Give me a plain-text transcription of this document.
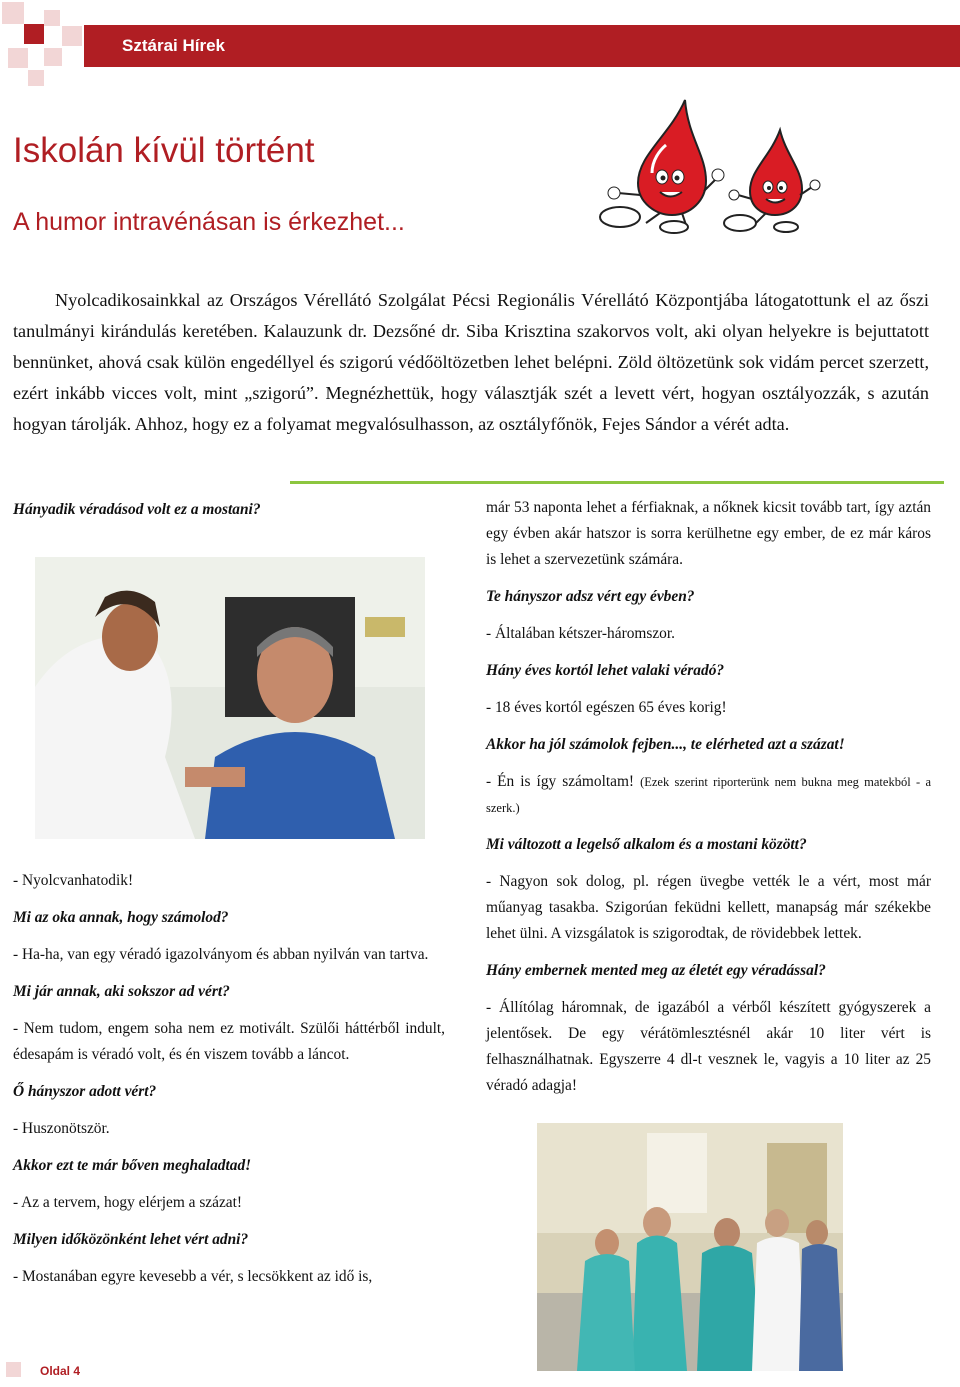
Sztárai Hírek
Iskolán kívül történt
A humor intravénásan is érkezhet...

Nyolcadikosainkkal az Országos Vérellátó Szolgálat Pécsi Regionális Vérellátó Központjába látogatottunk el az őszi tanulmányi kirándulás keretében. Kalauzunk dr. Dezsőné dr. Siba Krisztina szakorvos volt, aki olyan helyekre is bejuttatott bennünket, ahová csak külön engedéllyel és szigorú védőöltözetben lehet belépni. Zöld öltözetünk sok vidám percet szerzett, ezért inkább vicces volt, mint „szigorú”. Megnézhettük, hogy választják szét a levett vért, hogyan osztályozzák, s azután hogyan tárolják. Ahhoz, hogy ez a folyamat megvalósulhasson, az osztályfőnök, Fejes Sándor a vérét adta.

Hányadik véradásod volt ez a mostani?

- Nyolcvanhatodik!

Mi az oka annak, hogy számolod?

- Ha-ha, van egy véradó igazolványom és abban nyilván van tartva.

Mi jár annak, aki sokszor ad vért?

- Nem tudom, engem soha nem ez motivált. Szülői háttérből indult, édesapám is véradó volt, és én viszem tovább a láncot.

Ő hányszor adott vért?

- Huszonötször.

Akkor ezt te már bőven meghaladtad!

- Az a tervem, hogy elérjem a százat!

Milyen időközönként lehet vért adni?

- Mostanában egyre kevesebb a vér, s lecsökkent az idő is,

már 53 naponta lehet a férfiaknak, a nőknek kicsit tovább tart, így aztán egy évben akár hatszor is sorra kerülhetne egy ember, de ez már káros is lehet a szervezetünk számára.

Te hányszor adsz vért egy évben?

- Általában kétszer-háromszor.

Hány éves kortól lehet valaki véradó?

- 18 éves kortól egészen 65 éves korig!

Akkor ha jól számolok fejben..., te elérheted azt a százat!

- Én is így számoltam! (Ezek szerint riporterünk nem bukna meg matekból - a szerk.)

Mi változott a legelső alkalom és a mostani között?

- Nagyon sok dolog, pl. régen üvegbe vették le a vért, most már műanyag tasakba. Szigorúan feküdni kellett, manapság már székekbe lehet ülni. A vizsgálatok is szigorodtak, de rövidebbek lettek.

Hány embernek mented meg az életét egy véradással?

- Állítólag háromnak, de igazából a vérből készített gyógyszerek a jelentősek. De egy vérátömlesztésnél akár 10 liter vért is felhasználhatnak. Egyszerre 4 dl-t vesznek le, vagyis a 10 liter az 25 véradó adagja!

Oldal 4
